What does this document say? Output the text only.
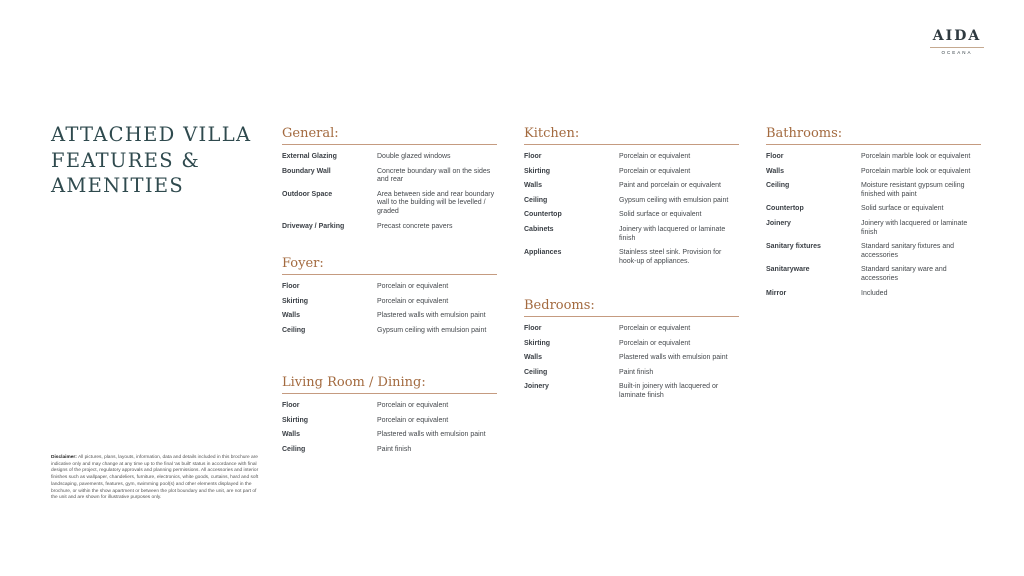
AIDA
OCEANA
ATTACHED VILLA
FEATURES &
AMENITIES
Disclaimer: All pictures, plans, layouts, information, data and details included in this brochure are indicative only and may change at any time up to the final 'as built' status in accordance with final designs of the project, regulatory approvals and planning permissions. All accessories and interior finishes such as wallpaper, chandeliers, furniture, electronics, white goods, curtains, hard and soft landscaping, pavements, features, gym, swimming pool(s) and other elements displayed in the brochure, or within the show apartment or between the plot boundary and the unit, are not part of the unit and are shown for illustrative purposes only.
General:
External Glazing	Double glazed windows
Boundary Wall	Concrete boundary wall on the sides and rear
Outdoor Space	Area between side and rear boundary wall to the building will be levelled / graded
Driveway / Parking	Precast concrete pavers
Foyer:
Floor	Porcelain or equivalent
Skirting	Porcelain or equivalent
Walls	Plastered walls with emulsion paint
Ceiling	Gypsum ceiling with emulsion paint
Living Room / Dining:
Floor	Porcelain or equivalent
Skirting	Porcelain or equivalent
Walls	Plastered walls with emulsion paint
Ceiling	Paint finish
Kitchen:
Floor	Porcelain or equivalent
Skirting	Porcelain or equivalent
Walls	Paint and porcelain or equivalent
Ceiling	Gypsum ceiling with emulsion paint
Countertop	Solid surface or equivalent
Cabinets	Joinery with lacquered or laminate finish
Appliances	Stainless steel sink. Provision for hook-up of appliances.
Bedrooms:
Floor	Porcelain or equivalent
Skirting	Porcelain or equivalent
Walls	Plastered walls with emulsion paint
Ceiling	Paint finish
Joinery	Built-in joinery with lacquered or laminate finish
Bathrooms:
Floor	Porcelain marble look or equivalent
Walls	Porcelain marble look or equivalent
Ceiling	Moisture resistant gypsum ceiling finished with paint
Countertop	Solid surface or equivalent
Joinery	Joinery with lacquered or laminate finish
Sanitary fixtures	Standard sanitary fixtures and accessories
Sanitaryware	Standard sanitary ware and accessories
Mirror	Included
